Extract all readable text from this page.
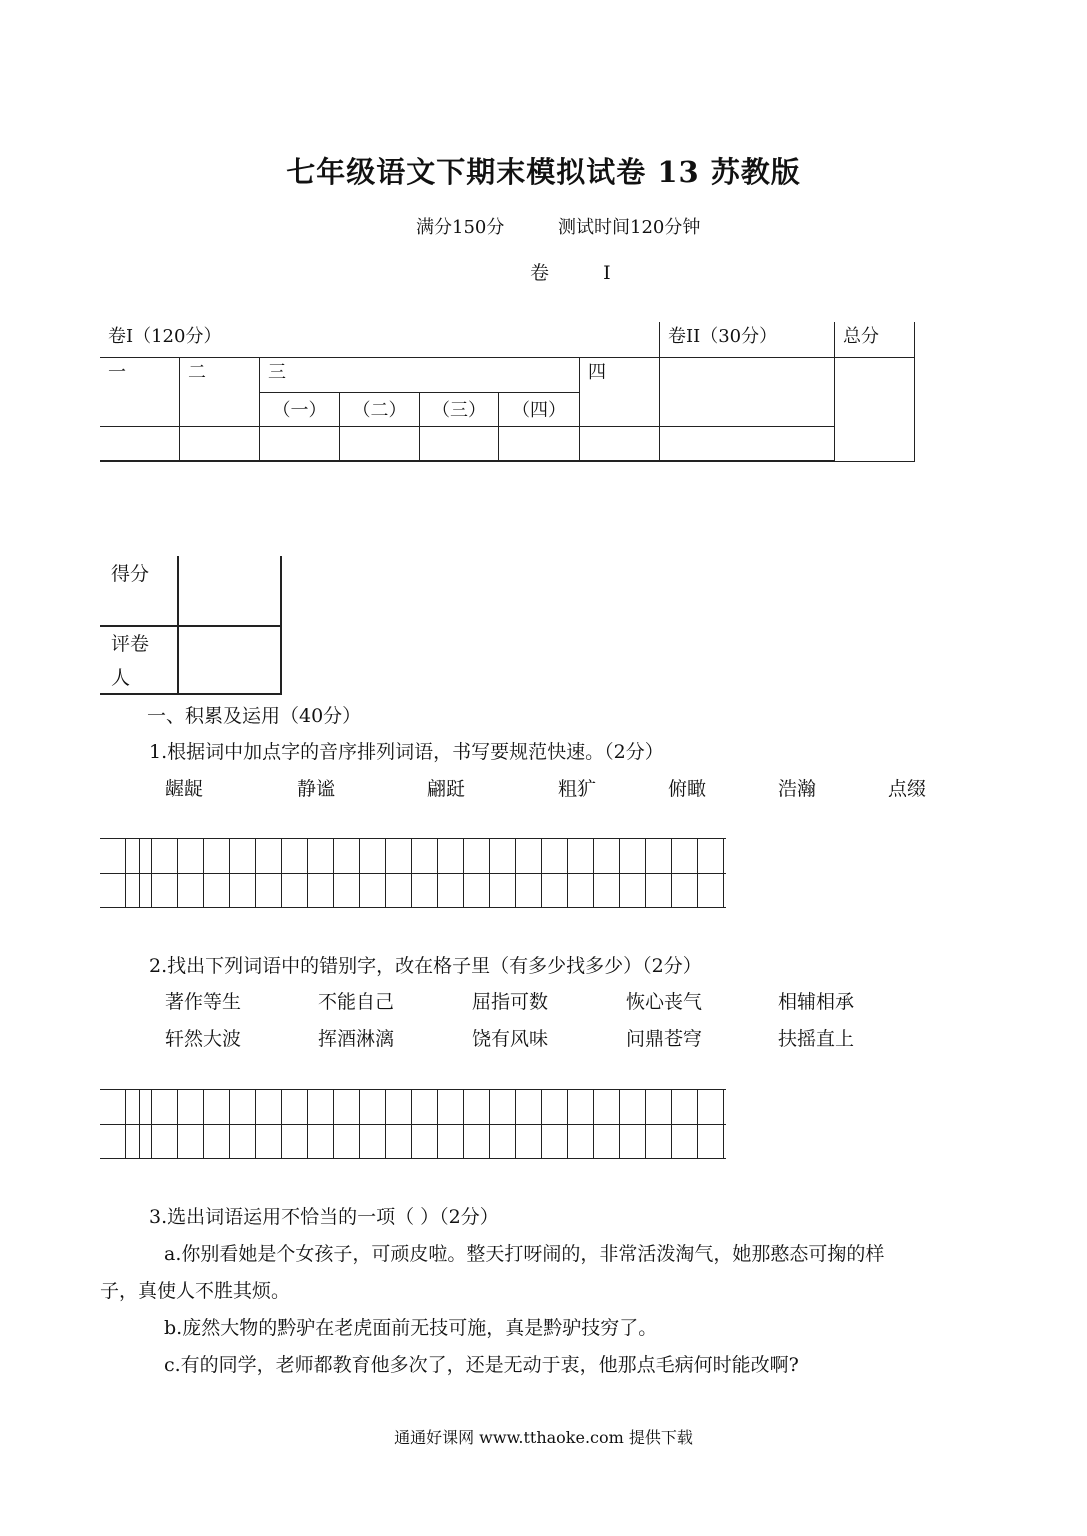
七年级语文下期末模拟试卷 13 苏教版
满分150分	测试时间120分钟
卷	I
卷I（120分）							卷II（30分）	总分
一	二	三				四		
		（一）	（二）	（三）	（四）			

得分
评卷人
一、积累及运用（40分）
1.根据词中加点字的音序排列词语，书写要规范快速。（2分）
龌龊	静谧	翩跹	粗犷	俯瞰	浩瀚	点缀
2.找出下列词语中的错别字，改在格子里（有多少找多少）（2分）
著作等生	不能自己	屈指可数	恢心丧气	相辅相承
轩然大波	挥酒淋漓	饶有风味	问鼎苍穹	扶摇直上
3.选出词语运用不恰当的一项（ ）（2分）
a.你别看她是个女孩子，可顽皮啦。整天打呀闹的，非常活泼淘气，她那憨态可掬的样
子，真使人不胜其烦。
b.庞然大物的黔驴在老虎面前无技可施，真是黔驴技穷了。
c.有的同学，老师都教育他多次了，还是无动于衷，他那点毛病何时能改啊?
通通好课网 www.tthaoke.com 提供下载
